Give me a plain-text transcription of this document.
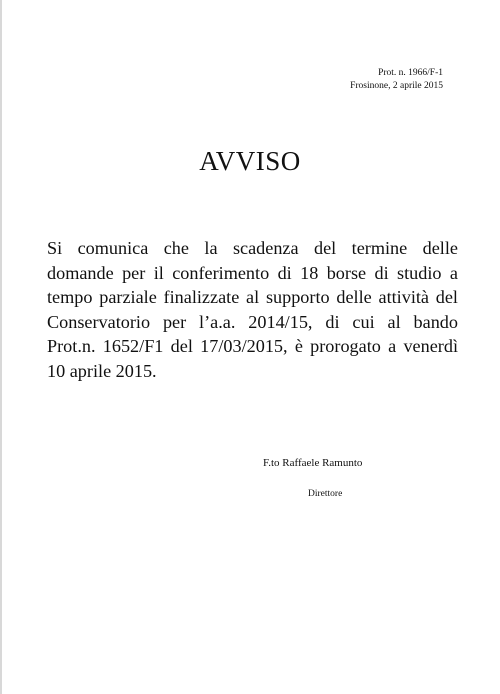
Prot. n. 1966/F-1
Frosinone, 2 aprile 2015
AVVISO
Si comunica che la scadenza del termine delle
domande per il conferimento di 18 borse di studio a
tempo parziale finalizzate al supporto delle attività del
Conservatorio per l’a.a. 2014/15, di cui al bando
Prot.n. 1652/F1 del 17/03/2015, è prorogato a venerdì
10 aprile 2015.
F.to Raffaele Ramunto
Direttore
